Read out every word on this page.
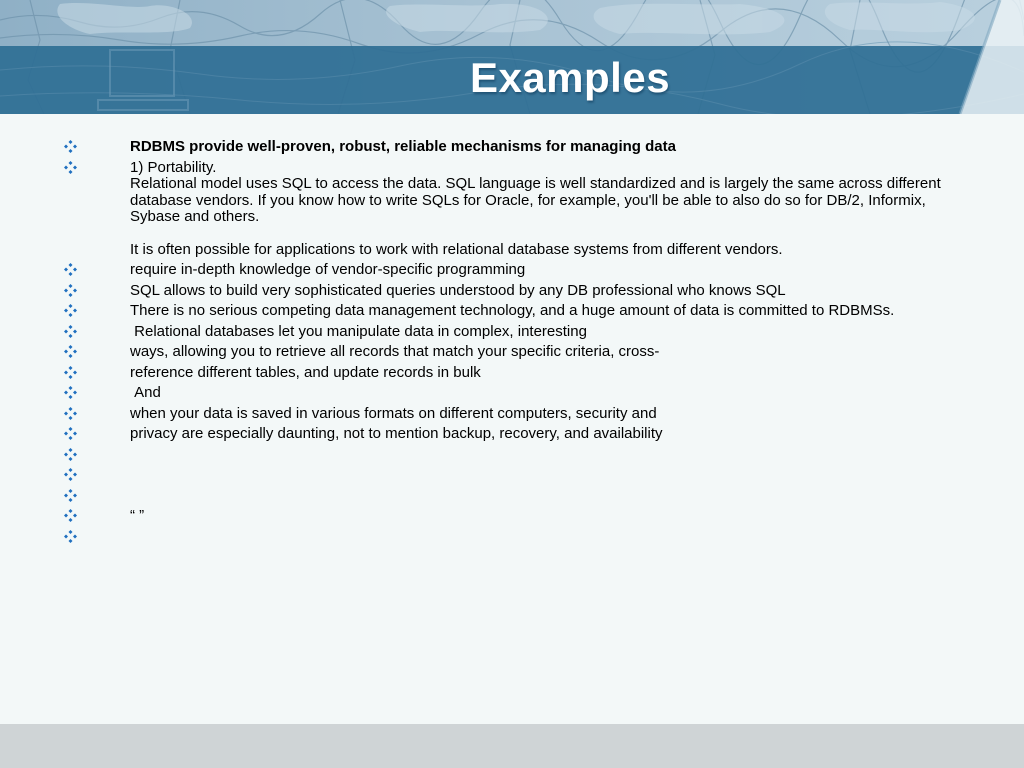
Examples
RDBMS provide well-proven, robust, reliable mechanisms for managing data
1) Portability.
Relational model uses SQL to access the data. SQL language is well standardized and is largely the same across different database vendors. If you know how to write SQLs for Oracle, for example, you'll be able to also do so for DB/2, Informix, Sybase and others.
It is often possible for applications to work with relational database systems from different vendors.
require in-depth knowledge of vendor-specific programming
SQL allows to build very sophisticated queries understood by any DB professional who knows SQL
There is no serious competing data management technology, and a huge amount of data is committed to RDBMSs.
Relational databases let you manipulate data in complex, interesting
ways, allowing you to retrieve all records that match your specific criteria, cross-
reference different tables, and update records in bulk
And
when your data is saved in various formats on different computers, security and
privacy are especially daunting, not to mention backup, recovery, and availability
“ ”
